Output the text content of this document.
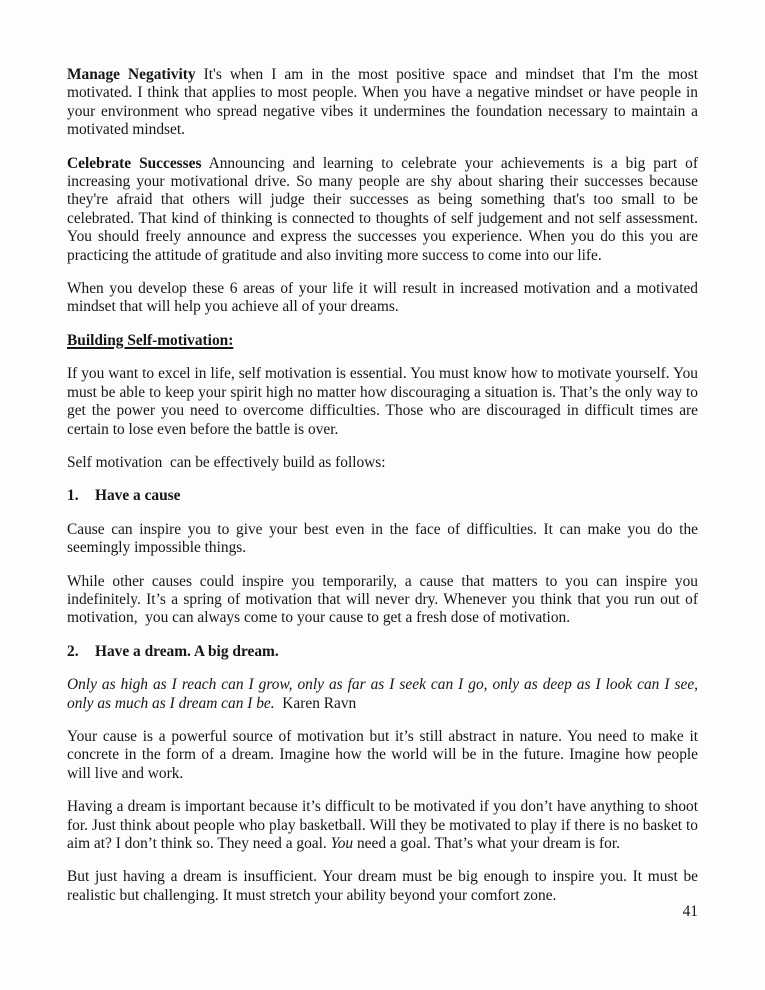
Manage Negativity It's when I am in the most positive space and mindset that I'm the most motivated. I think that applies to most people. When you have a negative mindset or have people in your environment who spread negative vibes it undermines the foundation necessary to maintain a motivated mindset.

Celebrate Successes Announcing and learning to celebrate your achievements is a big part of increasing your motivational drive. So many people are shy about sharing their successes because they're afraid that others will judge their successes as being something that's too small to be celebrated. That kind of thinking is connected to thoughts of self judgement and not self assessment. You should freely announce and express the successes you experience. When you do this you are practicing the attitude of gratitude and also inviting more success to come into our life.

When you develop these 6 areas of your life it will result in increased motivation and a motivated mindset that will help you achieve all of your dreams.

Building Self-motivation:

If you want to excel in life, self motivation is essential. You must know how to motivate yourself. You must be able to keep your spirit high no matter how discouraging a situation is. That’s the only way to get the power you need to overcome difficulties. Those who are discouraged in difficult times are certain to lose even before the battle is over.

Self motivation  can be effectively build as follows:

1. Have a cause

Cause can inspire you to give your best even in the face of difficulties. It can make you do the seemingly impossible things.

While other causes could inspire you temporarily, a cause that matters to you can inspire you indefinitely. It’s a spring of motivation that will never dry. Whenever you think that you run out of motivation,  you can always come to your cause to get a fresh dose of motivation.

2. Have a dream. A big dream.

Only as high as I reach can I grow, only as far as I seek can I go, only as deep as I look can I see, only as much as I dream can I be.  Karen Ravn

Your cause is a powerful source of motivation but it’s still abstract in nature. You need to make it concrete in the form of a dream. Imagine how the world will be in the future. Imagine how people will live and work.

Having a dream is important because it’s difficult to be motivated if you don’t have anything to shoot for. Just think about people who play basketball. Will they be motivated to play if there is no basket to aim at? I don’t think so. They need a goal. You need a goal. That’s what your dream is for.

But just having a dream is insufficient. Your dream must be big enough to inspire you. It must be realistic but challenging. It must stretch your ability beyond your comfort zone.

41
